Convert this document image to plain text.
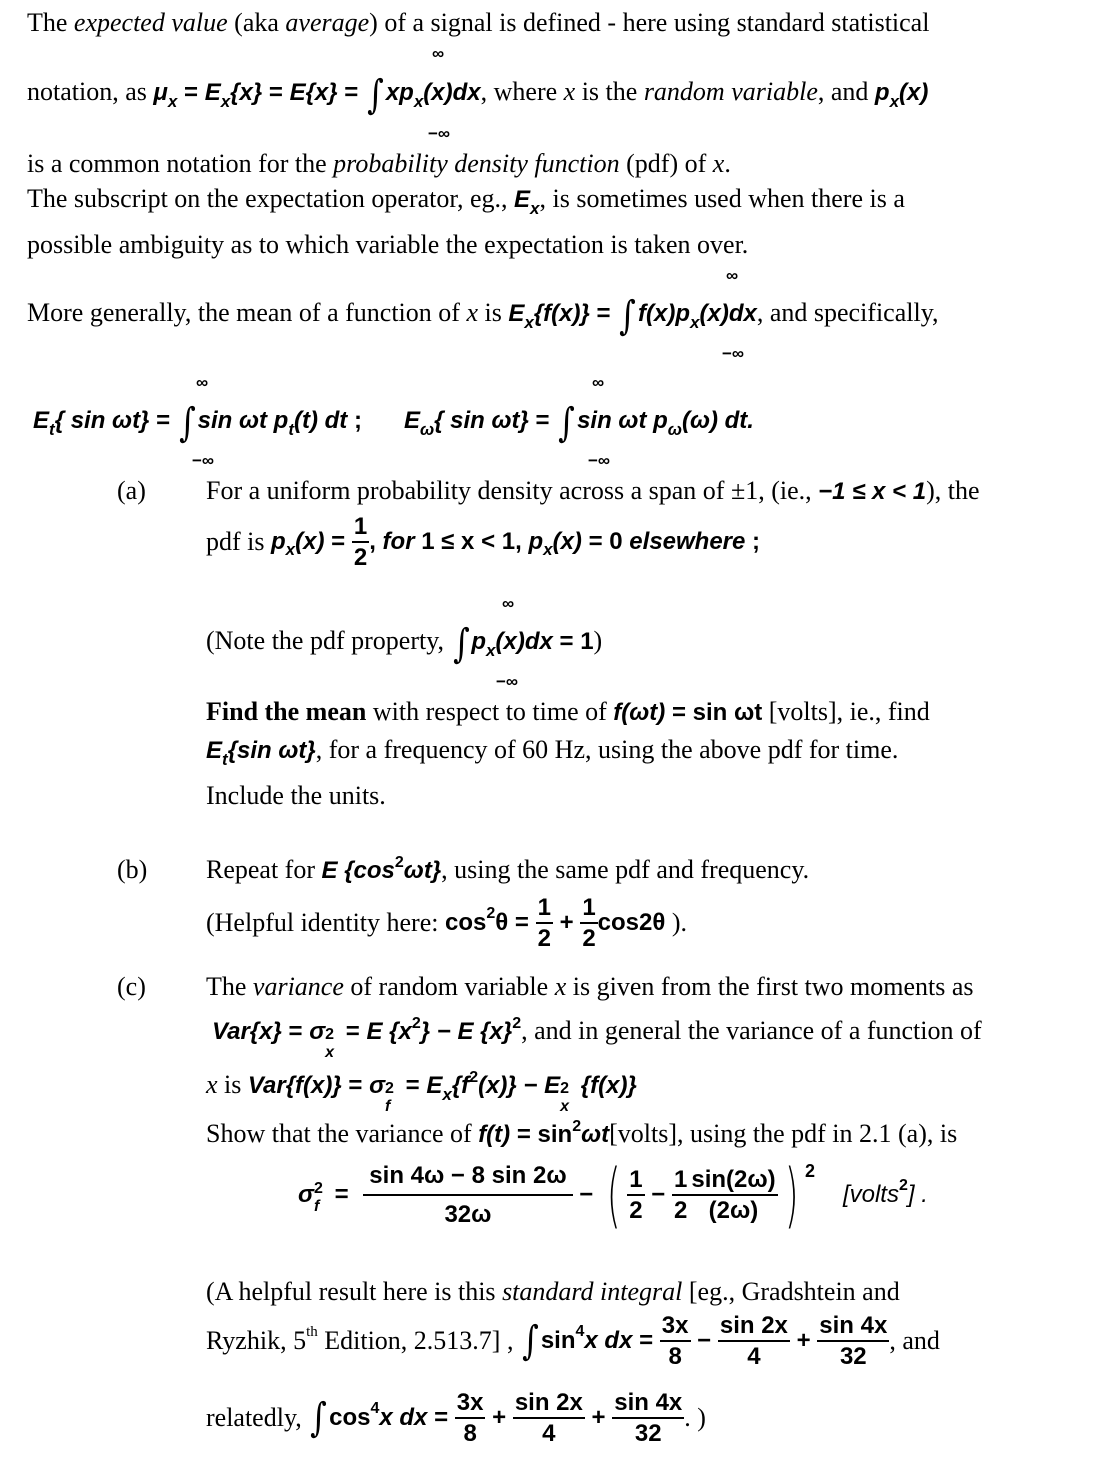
The expected value (aka average) of a signal is defined - here using standard statistical
notation, as $\mu_x = E_x\{x\} = E\{x\} = \int xp_x(x)dx$, where x is the random variable, and $p_x(x)$
∞
−∞
is a common notation for the probability density function (pdf) of x.
The subscript on the expectation operator, eg., $E_x$, is sometimes used when there is a
possible ambiguity as to which variable the expectation is taken over.
More generally, the mean of a function of x is $E_x\{f(x)\} = \int f(x)p_x(x)dx$, and specifically,
∞
−∞
$E_t${ sin ωt} = ∫sin ωt $p_t(t)$ dt ; $E_\omega${ sin ωt} = ∫sin ωt $p_\omega(\omega)$ dt.
∞
−∞
∞
−∞
(a) For a uniform probability density across a span of ±1, (ie., −1 ≤ x < 1), the
pdf is $p_x(x) = \frac{1}{2}$ , for 1 ≤ x < 1, $p_x(x) = 0$ elsewhere ;
(Note the pdf property, $\int p_x(x)dx = 1$)
∞
−∞
Find the mean with respect to time of f(ωt) = sin ωt [volts], ie., find
$E_t\{\sin$ ωt}, for a frequency of 60 Hz, using the above pdf for time.
Include the units.
(b) Repeat for E $\{\cos^2\omega t\}$, using the same pdf and frequency.
(Helpful identity here: $\cos^2\theta = \frac{1}{2} + \frac{1}{2} \cos 2\theta$ ).
(c) The variance of random variable x is given from the first two moments as
Var{x} = σ 2
x
= E $\{x^2\} - E$ $\{x\}^2$, and in general the variance of a function of
x is Var{f(x)} = σ 2
f
= $E_x\{f^2(x)\} - E$ 2
x
{f(x)}
Show that the variance of $f(t) = \sin^2\omega t[volts]$, using the pdf in 2.1 (a), is
σ 2
$f = \frac{\sin 4\omega - 8 \sin 2\omega}{32\omega}$ − ( $\frac{1}{2} - \frac{1}{2} \frac{\sin(2\omega)}{(2\omega)}$ ) $^2$[volts$^2$] .
(A helpful result here is this standard integral [eg., Gradshtein and
Ryzhik, 5th Edition, 2.513.7] , $\int\sin^4x$ dx = $\frac{3x}{8} - \frac{\sin 2x}{4} + \frac{\sin 4x}{32}$ , and
relatedly, $\int\cos^4x$ dx = $\frac{3x}{8} + \frac{\sin 2x}{4} + \frac{\sin 4x}{32}$ . )
